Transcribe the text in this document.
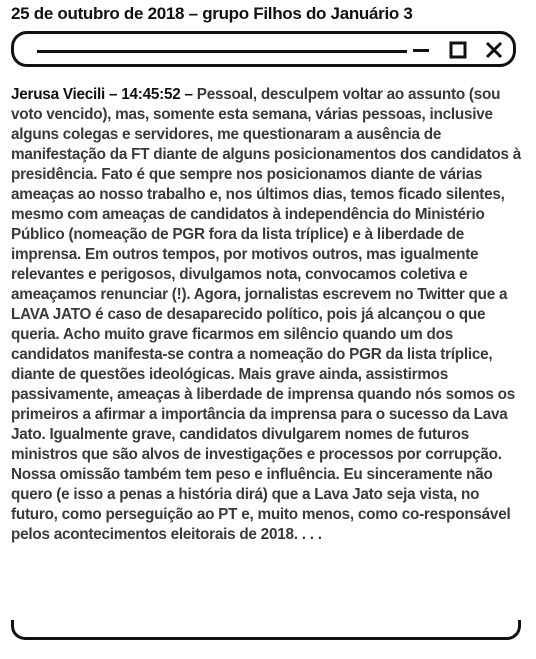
25 de outubro de 2018 – grupo Filhos do Januário 3

Jerusa Viecili – 14:45:52 – Pessoal, desculpem voltar ao assunto (sou voto vencido), mas, somente esta semana, várias pessoas, inclusive alguns colegas e servidores, me questionaram a ausência de manifestação da FT diante de alguns posicionamentos dos candidatos à presidência. Fato é que sempre nos posicionamos diante de várias ameaças ao nosso trabalho e, nos últimos dias, temos ficado silentes, mesmo com ameaças de candidatos à independência do Ministério Público (nomeação de PGR fora da lista tríplice) e à liberdade de imprensa. Em outros tempos, por motivos outros, mas igualmente relevantes e perigosos, divulgamos nota, convocamos coletiva e ameaçamos renunciar (!). Agora, jornalistas escrevem no Twitter que a LAVA JATO é caso de desaparecido político, pois já alcançou o que queria. Acho muito grave ficarmos em silêncio quando um dos candidatos manifesta-se contra a nomeação do PGR da lista tríplice, diante de questões ideológicas. Mais grave ainda, assistirmos passivamente, ameaças à liberdade de imprensa quando nós somos os primeiros a afirmar a importância da imprensa para o sucesso da Lava Jato. Igualmente grave, candidatos divulgarem nomes de futuros ministros que são alvos de investigações e processos por corrupção. Nossa omissão também tem peso e influência. Eu sinceramente não quero (e isso a penas a história dirá) que a Lava Jato seja vista, no futuro, como perseguição ao PT e, muito menos, como co-responsável pelos acontecimentos eleitorais de 2018. . . .
